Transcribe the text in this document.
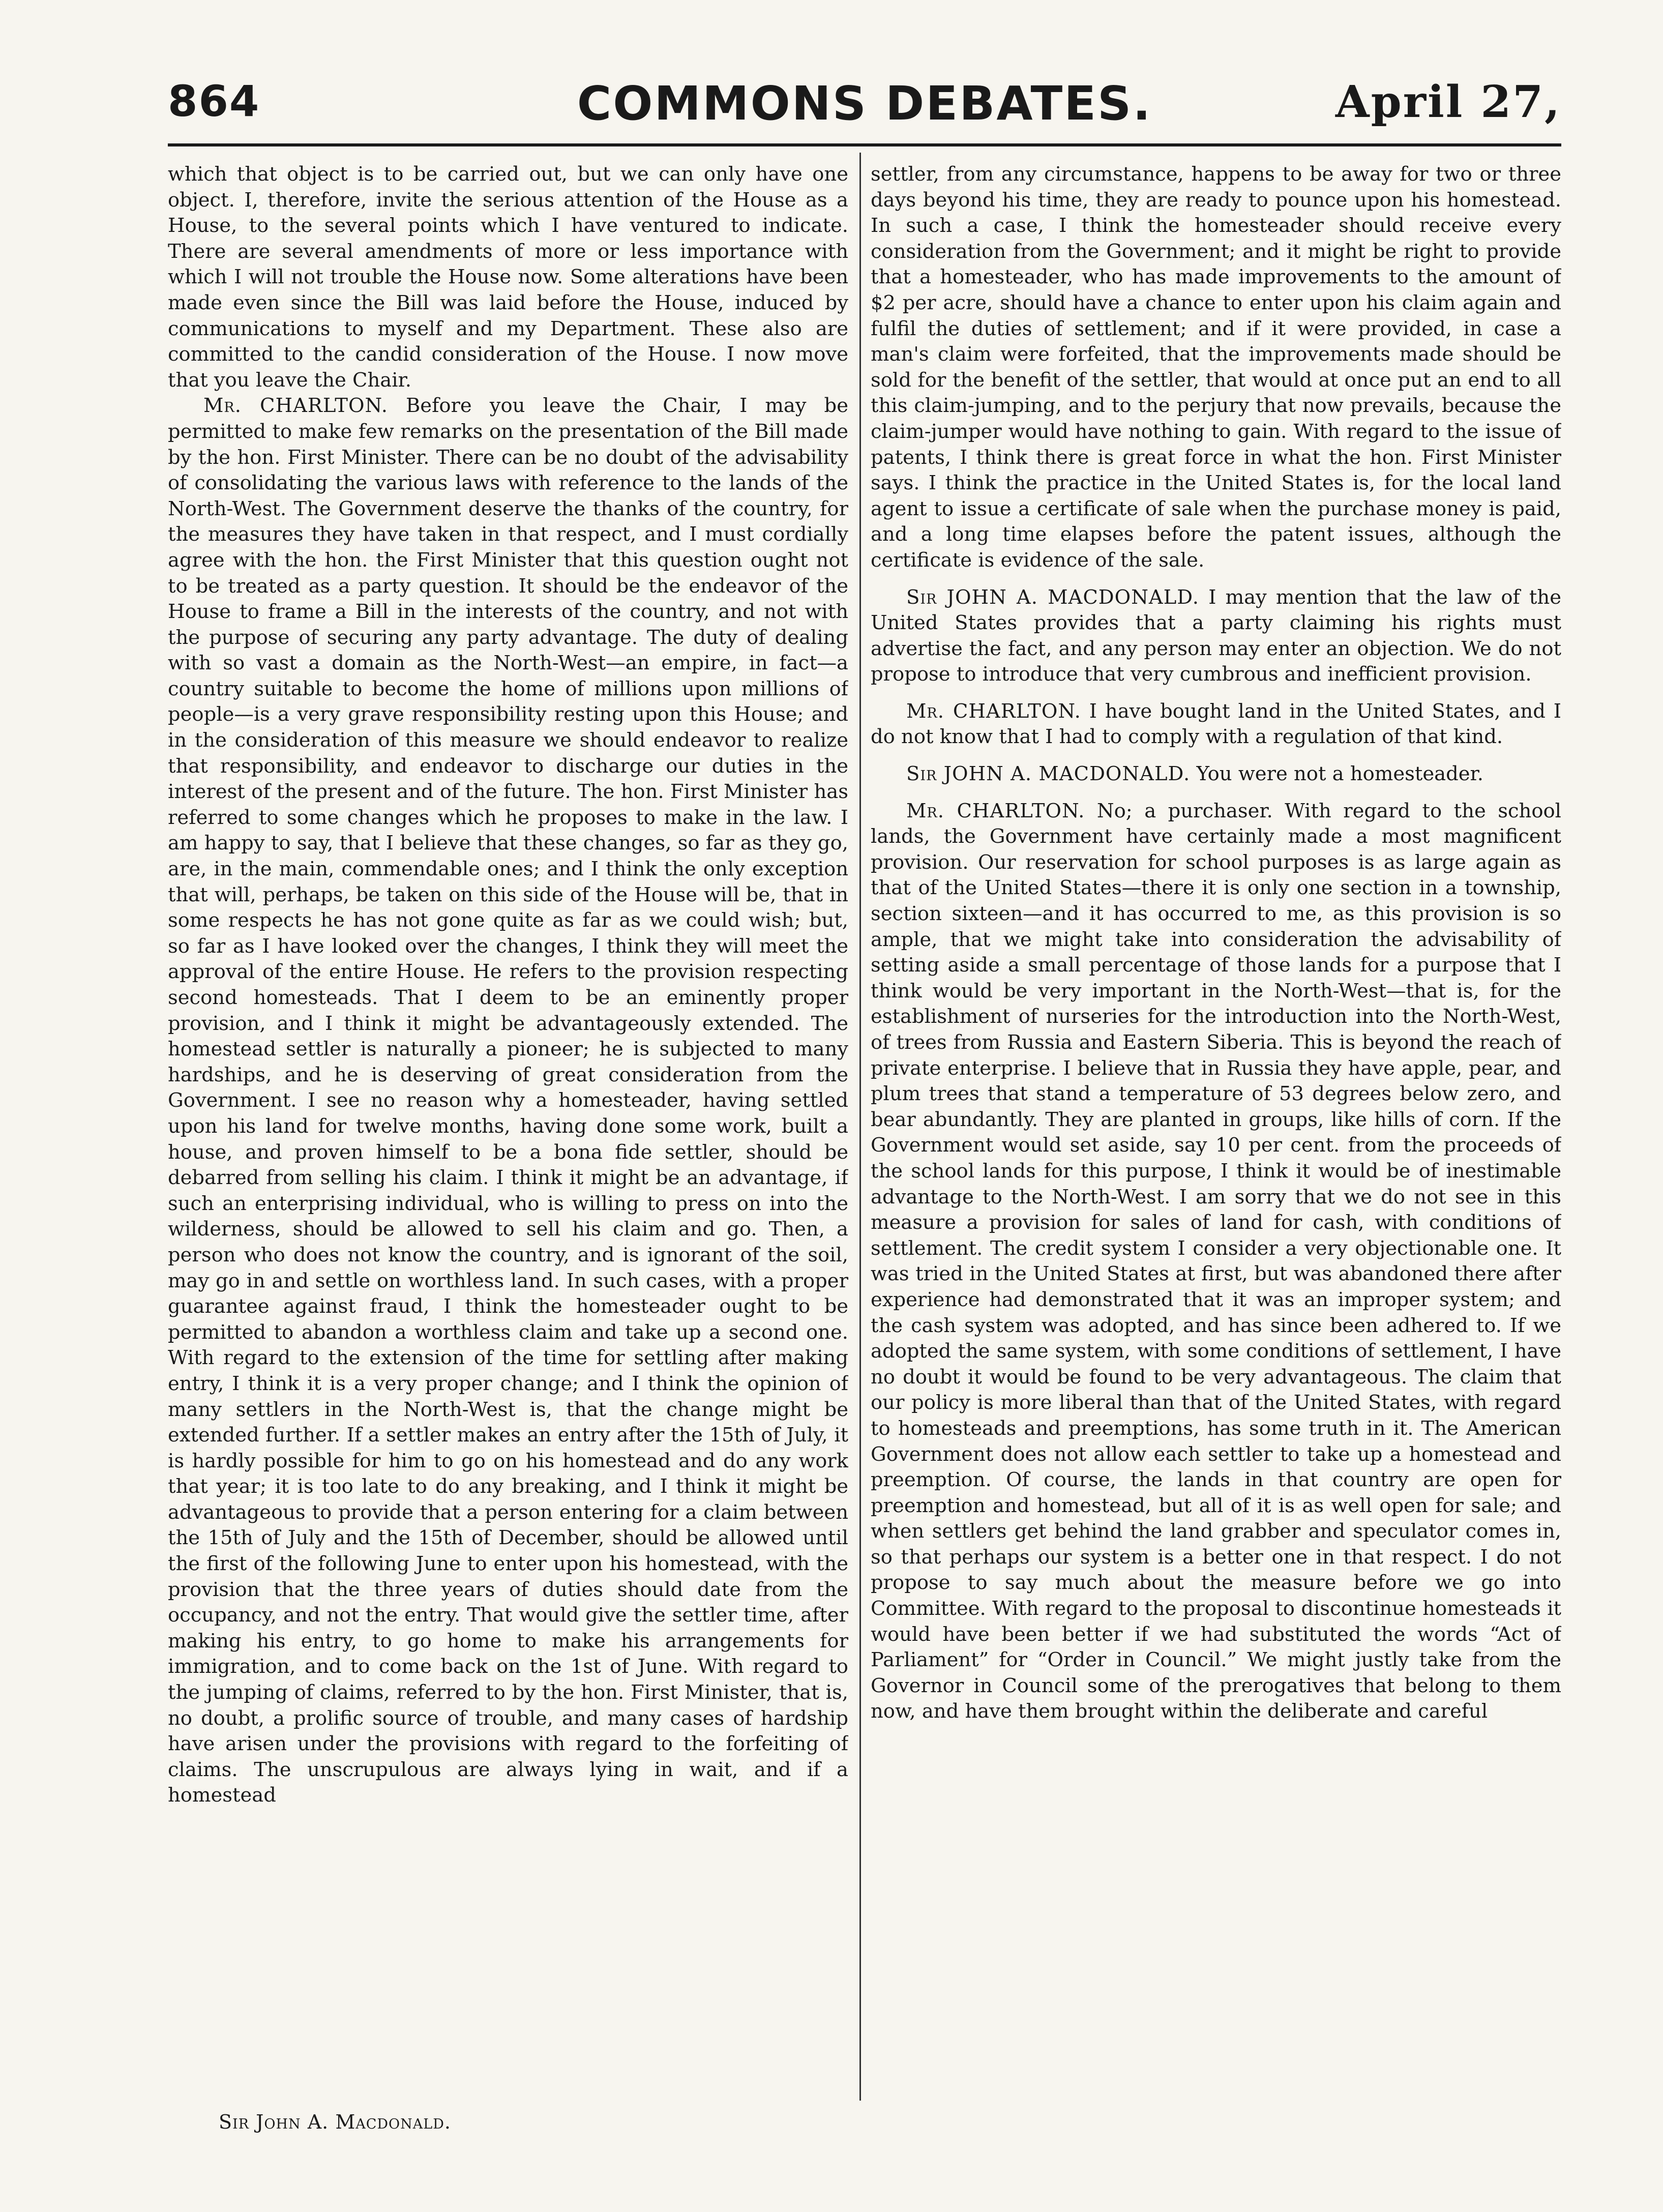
864	COMMONS DEBATES.	April 27,

which that object is to be carried out, but we can only have one object. I, therefore, invite the serious attention of the House as a House, to the several points which I have ventured to indicate. There are several amendments of more or less importance with which I will not trouble the House now. Some alterations have been made even since the Bill was laid before the House, induced by communications to myself and my Department. These also are committed to the candid consideration of the House. I now move that you leave the Chair.

Mr. CHARLTON. Before you leave the Chair, I may be permitted to make few remarks on the presentation of the Bill made by the hon. First Minister. There can be no doubt of the advisability of consolidating the various laws with reference to the lands of the North-West. The Government deserve the thanks of the country, for the measures they have taken in that respect, and I must cordially agree with the hon. the First Minister that this question ought not to be treated as a party question. It should be the endeavor of the House to frame a Bill in the interests of the country, and not with the purpose of securing any party advantage. The duty of dealing with so vast a domain as the North-West—an empire, in fact—a country suitable to become the home of millions upon millions of people—is a very grave responsibility resting upon this House; and in the consideration of this measure we should endeavor to realize that responsibility, and endeavor to discharge our duties in the interest of the present and of the future. The hon. First Minister has referred to some changes which he proposes to make in the law. I am happy to say, that I believe that these changes, so far as they go, are, in the main, commendable ones; and I think the only exception that will, perhaps, be taken on this side of the House will be, that in some respects he has not gone quite as far as we could wish; but, so far as I have looked over the changes, I think they will meet the approval of the entire House. He refers to the provision respecting second homesteads. That I deem to be an eminently proper provision, and I think it might be advantageously extended. The homestead settler is naturally a pioneer; he is subjected to many hardships, and he is deserving of great consideration from the Government. I see no reason why a homesteader, having settled upon his land for twelve months, having done some work, built a house, and proven himself to be a bona fide settler, should be debarred from selling his claim. I think it might be an advantage, if such an enterprising individual, who is willing to press on into the wilderness, should be allowed to sell his claim and go. Then, a person who does not know the country, and is ignorant of the soil, may go in and settle on worthless land. In such cases, with a proper guarantee against fraud, I think the homesteader ought to be permitted to abandon a worthless claim and take up a second one. With regard to the extension of the time for settling after making entry, I think it is a very proper change; and I think the opinion of many settlers in the North-West is, that the change might be extended further. If a settler makes an entry after the 15th of July, it is hardly possible for him to go on his homestead and do any work that year; it is too late to do any breaking, and I think it might be advantageous to provide that a person entering for a claim between the 15th of July and the 15th of December, should be allowed until the first of the following June to enter upon his homestead, with the provision that the three years of duties should date from the occupancy, and not the entry. That would give the settler time, after making his entry, to go home to make his arrangements for immigration, and to come back on the 1st of June. With regard to the jumping of claims, referred to by the hon. First Minister, that is, no doubt, a prolific source of trouble, and many cases of hardship have arisen under the provisions with regard to the forfeiting of claims. The unscrupulous are always lying in wait, and if a homestead

settler, from any circumstance, happens to be away for two or three days beyond his time, they are ready to pounce upon his homestead. In such a case, I think the homesteader should receive every consideration from the Government; and it might be right to provide that a homesteader, who has made improvements to the amount of $2 per acre, should have a chance to enter upon his claim again and fulfil the duties of settlement; and if it were provided, in case a man's claim were forfeited, that the improvements made should be sold for the benefit of the settler, that would at once put an end to all this claim-jumping, and to the perjury that now prevails, because the claim-jumper would have nothing to gain. With regard to the issue of patents, I think there is great force in what the hon. First Minister says. I think the practice in the United States is, for the local land agent to issue a certificate of sale when the purchase money is paid, and a long time elapses before the patent issues, although the certificate is evidence of the sale.

Sir JOHN A. MACDONALD. I may mention that the law of the United States provides that a party claiming his rights must advertise the fact, and any person may enter an objection. We do not propose to introduce that very cumbrous and inefficient provision.

Mr. CHARLTON. I have bought land in the United States, and I do not know that I had to comply with a regulation of that kind.

Sir JOHN A. MACDONALD. You were not a homesteader.

Mr. CHARLTON. No; a purchaser. With regard to the school lands, the Government have certainly made a most magnificent provision. Our reservation for school purposes is as large again as that of the United States—there it is only one section in a township, section sixteen—and it has occurred to me, as this provision is so ample, that we might take into consideration the advisability of setting aside a small percentage of those lands for a purpose that I think would be very important in the North-West—that is, for the establishment of nurseries for the introduction into the North-West, of trees from Russia and Eastern Siberia. This is beyond the reach of private enterprise. I believe that in Russia they have apple, pear, and plum trees that stand a temperature of 53 degrees below zero, and bear abundantly. They are planted in groups, like hills of corn. If the Government would set aside, say 10 per cent. from the proceeds of the school lands for this purpose, I think it would be of inestimable advantage to the North-West. I am sorry that we do not see in this measure a provision for sales of land for cash, with conditions of settlement. The credit system I consider a very objectionable one. It was tried in the United States at first, but was abandoned there after experience had demonstrated that it was an improper system; and the cash system was adopted, and has since been adhered to. If we adopted the same system, with some conditions of settlement, I have no doubt it would be found to be very advantageous. The claim that our policy is more liberal than that of the United States, with regard to homesteads and preemptions, has some truth in it. The American Government does not allow each settler to take up a homestead and preemption. Of course, the lands in that country are open for preemption and homestead, but all of it is as well open for sale; and when settlers get behind the land grabber and speculator comes in, so that perhaps our system is a better one in that respect. I do not propose to say much about the measure before we go into Committee. With regard to the proposal to discontinue homesteads it would have been better if we had substituted the words “Act of Parliament” for “Order in Council.” We might justly take from the Governor in Council some of the prerogatives that belong to them now, and have them brought within the deliberate and careful

Sir John A. Macdonald.
